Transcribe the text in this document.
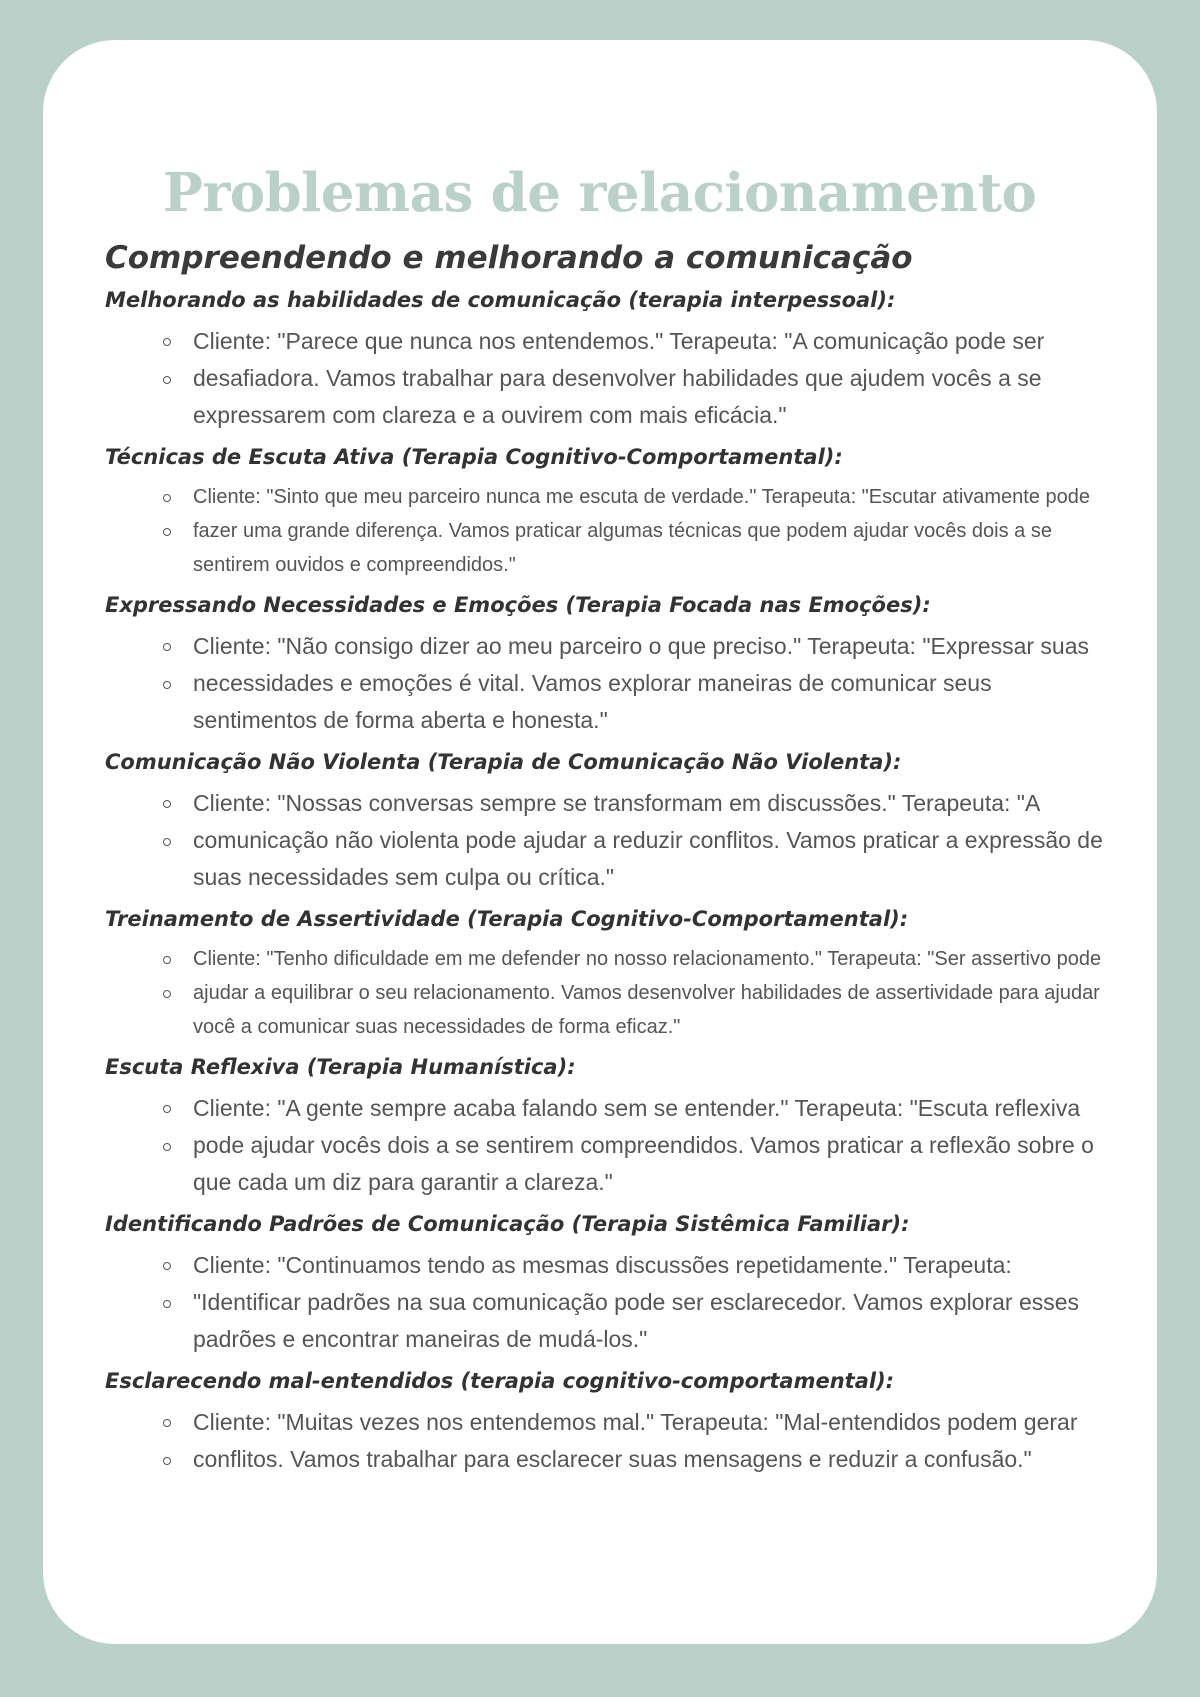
Problemas de relacionamento
Compreendendo e melhorando a comunicação

Melhorando as habilidades de comunicação (terapia interpessoal):

Cliente: "Parece que nunca nos entendemos." Terapeuta: "A comunicação pode ser desafiadora. Vamos trabalhar para desenvolver habilidades que ajudem vocês a se expressarem com clareza e a ouvirem com mais eficácia."

Técnicas de Escuta Ativa (Terapia Cognitivo-Comportamental):

Cliente: "Sinto que meu parceiro nunca me escuta de verdade." Terapeuta: "Escutar ativamente pode fazer uma grande diferença. Vamos praticar algumas técnicas que podem ajudar vocês dois a se sentirem ouvidos e compreendidos."

Expressando Necessidades e Emoções (Terapia Focada nas Emoções):

Cliente: "Não consigo dizer ao meu parceiro o que preciso." Terapeuta: "Expressar suas necessidades e emoções é vital. Vamos explorar maneiras de comunicar seus sentimentos de forma aberta e honesta."

Comunicação Não Violenta (Terapia de Comunicação Não Violenta):

Cliente: "Nossas conversas sempre se transformam em discussões." Terapeuta: "A comunicação não violenta pode ajudar a reduzir conflitos. Vamos praticar a expressão de suas necessidades sem culpa ou crítica."

Treinamento de Assertividade (Terapia Cognitivo-Comportamental):

Cliente: "Tenho dificuldade em me defender no nosso relacionamento." Terapeuta: "Ser assertivo pode ajudar a equilibrar o seu relacionamento. Vamos desenvolver habilidades de assertividade para ajudar você a comunicar suas necessidades de forma eficaz."

Escuta Reflexiva (Terapia Humanística):

Cliente: "A gente sempre acaba falando sem se entender." Terapeuta: "Escuta reflexiva pode ajudar vocês dois a se sentirem compreendidos. Vamos praticar a reflexão sobre o que cada um diz para garantir a clareza."

Identificando Padrões de Comunicação (Terapia Sistêmica Familiar):

Cliente: "Continuamos tendo as mesmas discussões repetidamente." Terapeuta: "Identificar padrões na sua comunicação pode ser esclarecedor. Vamos explorar esses padrões e encontrar maneiras de mudá-los."

Esclarecendo mal-entendidos (terapia cognitivo-comportamental):

Cliente: "Muitas vezes nos entendemos mal." Terapeuta: "Mal-entendidos podem gerar conflitos. Vamos trabalhar para esclarecer suas mensagens e reduzir a confusão."
